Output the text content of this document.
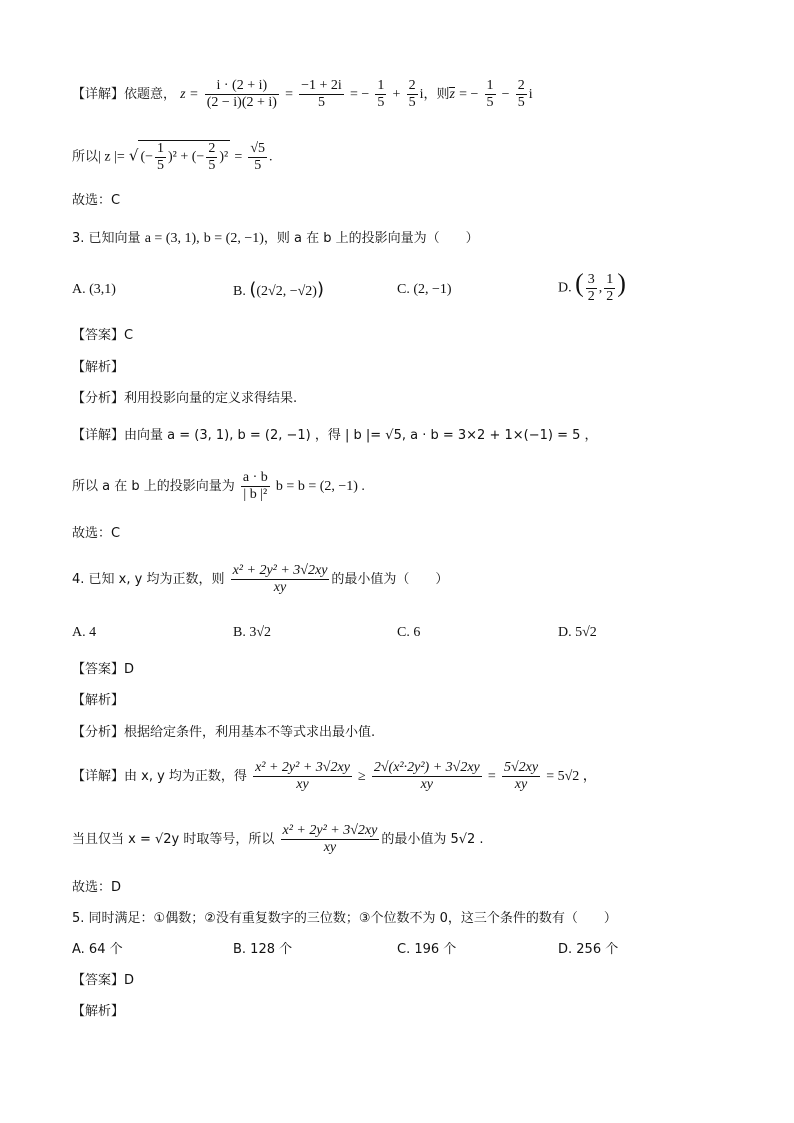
【详解】依题意， $z = \frac{i \cdot (2 + i)}{(2 - i)(2 + i)} = \frac{-1 + 2i}{5}$ = − $\frac{1}{5} + \frac{2}{5}$ i，则z = − $\frac{1}{5} - \frac{2}{5}$ i
所以| z |= √ (− $\frac{1}{5} )^2$ + (− $\frac{2}{5} )^2 = \frac{√5}{5}$ .
故选：C
3. 已知向量 a = (3, 1), b = (2, −1)，则 a 在 b 上的投影向量为（　　）
A. (3,1)	B. ((2√2, −√2))	C. (2, −1)	D. ( $\frac{3}{2}$ , $\frac{1}{2}$ )
【答案】C
【解析】
【分析】利用投影向量的定义求得结果.
【详解】由向量 a = (3, 1), b = (2, −1) ，得 | b |= √5, a · b = 3×2 + 1×(−1) = 5 ，
所以 a 在 b 上的投影向量为 $\frac{a \cdot b}{\text{| b |²}}$ b = b = (2, −1) .
故选：C
4. 已知 x, y 均为正数，则 $\frac{\text{x² + 2y² + 3√2xy}}{xy}$ 的最小值为（　　）
A. 4	B. 3√2	C. 6	D. 5√2
【答案】D
【解析】
【分析】根据给定条件，利用基本不等式求出最小值.
【详解】由 x, y 均为正数，得 $\frac{\text{x² + 2y² + 3√2xy}}{xy} \ge \frac{\text{2√(x²·2y²) + 3√2xy}}{xy} = \frac{5√2xy}{xy} = 5√2$ ，
当且仅当 x = √2y 时取等号，所以 $\frac{\text{x² + 2y² + 3√2xy}}{xy}$ 的最小值为 5√2 .
故选：D
5. 同时满足：①偶数；②没有重复数字的三位数；③个位数不为 0，这三个条件的数有（　　）
A. 64 个	B. 128 个	C. 196 个	D. 256 个
【答案】D
【解析】
